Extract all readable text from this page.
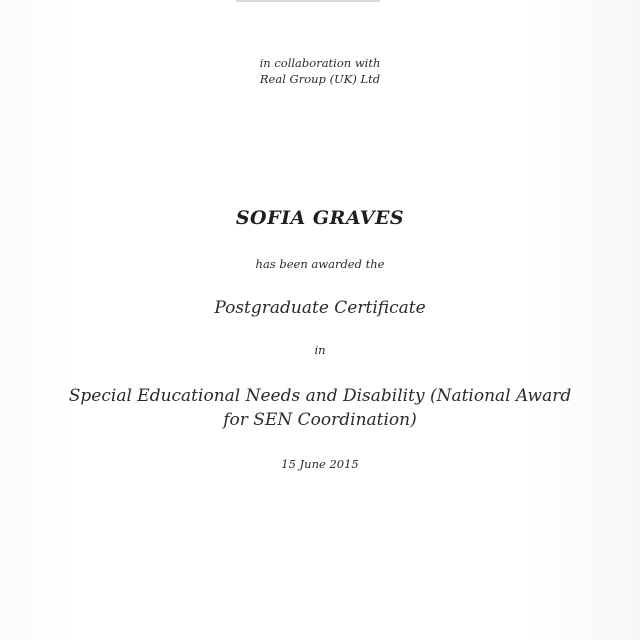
in collaboration with
Real Group (UK) Ltd
SOFIA GRAVES
has been awarded the
Postgraduate Certificate
in
Special Educational Needs and Disability (National Award
for SEN Coordination)
15 June 2015
